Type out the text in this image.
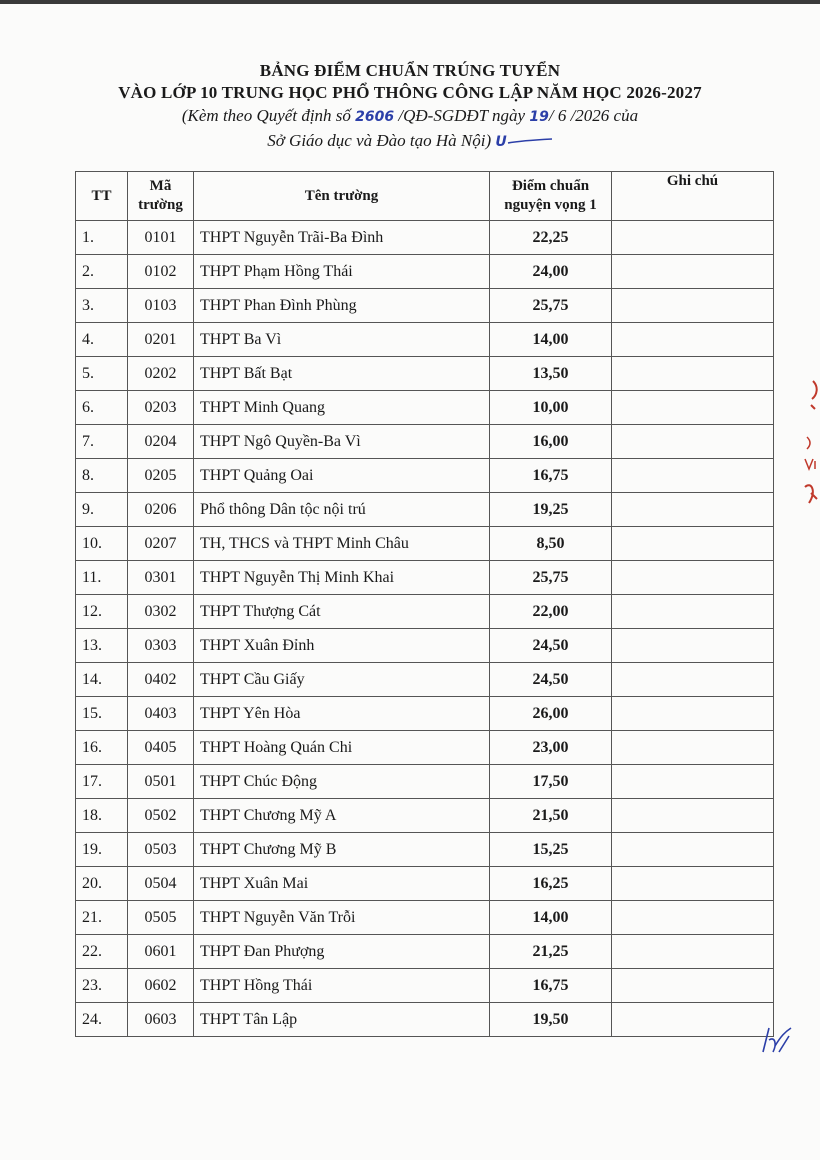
BẢNG ĐIỂM CHUẨN TRÚNG TUYỂN
VÀO LỚP 10 TRUNG HỌC PHỔ THÔNG CÔNG LẬP NĂM HỌC 2026-2027
(Kèm theo Quyết định số 2606 /QĐ-SGDĐT ngày 19/ 6 /2026 của
Sở Giáo dục và Đào tạo Hà Nội) U
TT	Mã trường	Tên trường	Điểm chuẩn nguyện vọng 1	Ghi chú
1.	0101	THPT Nguyễn Trãi-Ba Đình	22,25	
2.	0102	THPT Phạm Hồng Thái	24,00	
3.	0103	THPT Phan Đình Phùng	25,75	
4.	0201	THPT Ba Vì	14,00	
5.	0202	THPT Bất Bạt	13,50	
6.	0203	THPT Minh Quang	10,00	
7.	0204	THPT Ngô Quyền-Ba Vì	16,00	
8.	0205	THPT Quảng Oai	16,75	
9.	0206	Phổ thông Dân tộc nội trú	19,25	
10.	0207	TH, THCS và THPT Minh Châu	8,50	
11.	0301	THPT Nguyễn Thị Minh Khai	25,75	
12.	0302	THPT Thượng Cát	22,00	
13.	0303	THPT Xuân Đỉnh	24,50	
14.	0402	THPT Cầu Giấy	24,50	
15.	0403	THPT Yên Hòa	26,00	
16.	0405	THPT Hoàng Quán Chi	23,00	
17.	0501	THPT Chúc Động	17,50	
18.	0502	THPT Chương Mỹ A	21,50	
19.	0503	THPT Chương Mỹ B	15,25	
20.	0504	THPT Xuân Mai	16,25	
21.	0505	THPT Nguyễn Văn Trỗi	14,00	
22.	0601	THPT Đan Phượng	21,25	
23.	0602	THPT Hồng Thái	16,75	
24.	0603	THPT Tân Lập	19,50	
